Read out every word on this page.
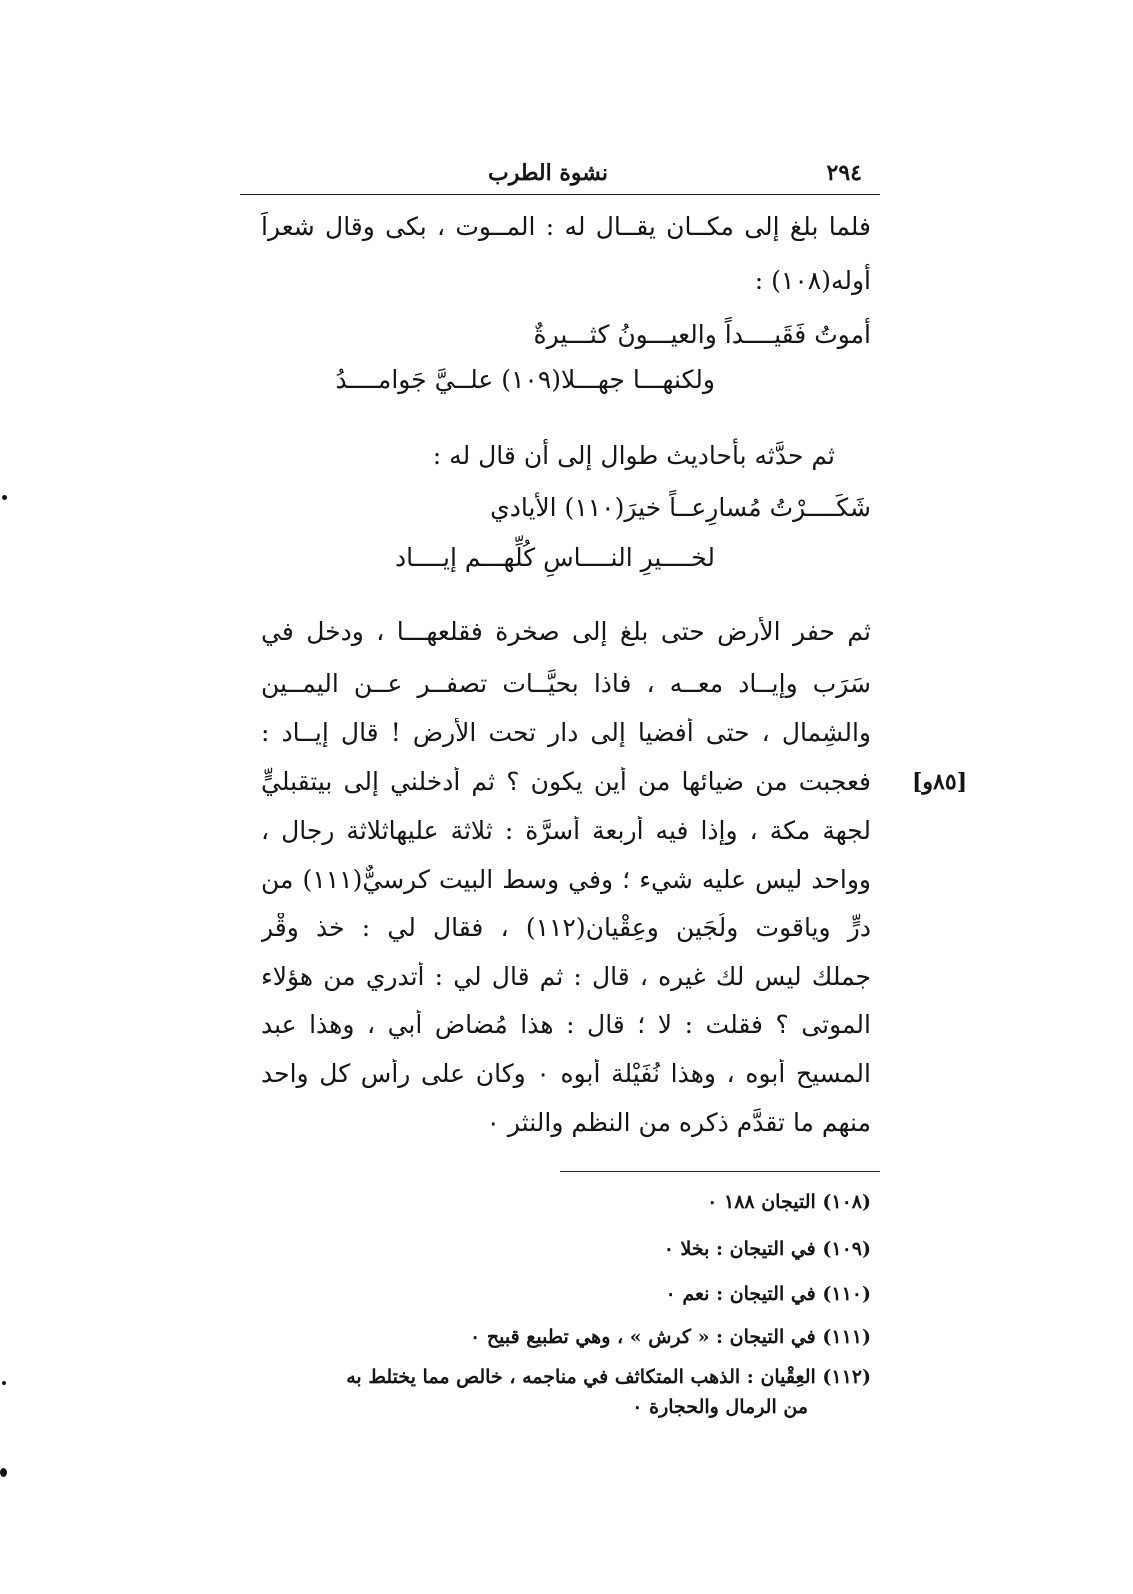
٢٩٤
نشوة الطرب
فلما بلغ إلى مكــان يقــال له : المــوت ، بكى وقال شعراً
أوله(١٠٨) :
أموتُ فَقَيــــداً والعيـــونُ كثـــيرةٌ
ولكنهـــا جهـــلا(١٠٩) علــيَّ جَوامــــدُ
ثم حدَّثه بأحاديث طوال إلى أن قال له :
شَكَــــرْتُ مُسارِعــاً خيرَ(١١٠) الأيادي
لخــــيرِ النــــاسِ كُلِّهـــم إيــــاد
ثم حفر الأرض حتى بلغ إلى صخرة فقلعهـــا ، ودخل في
سَرَب وإيــاد معــه ، فاذا بحيَّــات تصفــر عــن اليمــين
والشِمال ، حتى أفضيا إلى دار تحت الأرض ! قال إيــاد :
فعجبت من ضيائها من أين يكون ؟ ثم أدخلني إلى بيتقبليٍّ
لجهة مكة ، وإذا فيه أربعة أسرَّة : ثلاثة عليهاثلاثة رجال ،
وواحد ليس عليه شيء ؛ وفي وسط البيت كرسيٌّ(١١١) من
درٍّ وياقوت ولُجَين وعِقْيان(١١٢) ، فقال لي : خذ وِقْر
جملك ليس لك غيره ، قال : ثم قال لي : أتدري من هؤلاء
الموتى ؟ فقلت : لا ؛ قال : هذا مُضاض أبي ، وهذا عبد
المسيح أبوه ، وهذا نُفَيْلة أبوه ٠ وكان على رأس كل واحد
منهم ما تقدَّم ذكره من النظم والنثر ٠
[٨٥و]
(١٠٨) التيجان ١٨٨ ٠
(١٠٩) في التيجان : بخلا ٠
(١١٠) في التيجان : نعم ٠
(١١١) في التيجان : « كرش » ، وهي تطبيع قبيح ٠
(١١٢) العِقْيان : الذهب المتكاثف في مناجمه ، خالص مما يختلط به
من الرمال والحجارة ٠
